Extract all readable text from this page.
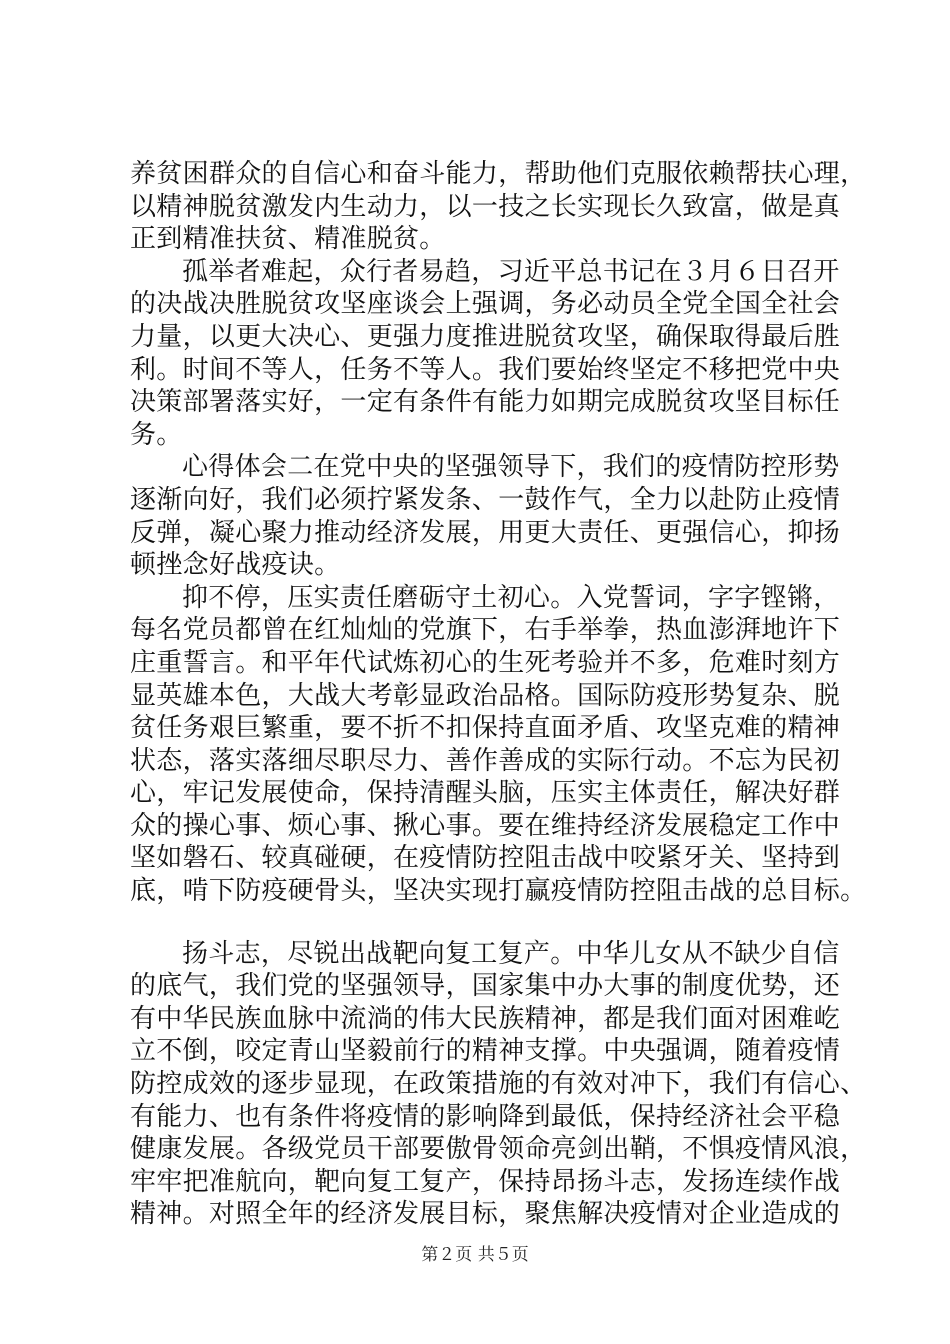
养贫困群众的自信心和奋斗能力，帮助他们克服依赖帮扶心理，
以精神脱贫激发内生动力，以一技之长实现长久致富，做是真
正到精准扶贫、精准脱贫。
孤举者难起，众行者易趋，习近平总书记在３月６日召开
的决战决胜脱贫攻坚座谈会上强调，务必动员全党全国全社会
力量，以更大决心、更强力度推进脱贫攻坚，确保取得最后胜
利。时间不等人，任务不等人。我们要始终坚定不移把党中央
决策部署落实好，一定有条件有能力如期完成脱贫攻坚目标任
务。
心得体会二在党中央的坚强领导下，我们的疫情防控形势
逐渐向好，我们必须拧紧发条、一鼓作气，全力以赴防止疫情
反弹，凝心聚力推动经济发展，用更大责任、更强信心，抑扬
顿挫念好战疫诀。
抑不停，压实责任磨砺守土初心。入党誓词，字字铿锵，
每名党员都曾在红灿灿的党旗下，右手举拳，热血澎湃地许下
庄重誓言。和平年代试炼初心的生死考验并不多，危难时刻方
显英雄本色，大战大考彰显政治品格。国际防疫形势复杂、脱
贫任务艰巨繁重，要不折不扣保持直面矛盾、攻坚克难的精神
状态，落实落细尽职尽力、善作善成的实际行动。不忘为民初
心，牢记发展使命，保持清醒头脑，压实主体责任，解决好群
众的操心事、烦心事、揪心事。要在维持经济发展稳定工作中
坚如磐石、较真碰硬，在疫情防控阻击战中咬紧牙关、坚持到
底，啃下防疫硬骨头，坚决实现打赢疫情防控阻击战的总目标。
扬斗志，尽锐出战靶向复工复产。中华儿女从不缺少自信
的底气，我们党的坚强领导，国家集中办大事的制度优势，还
有中华民族血脉中流淌的伟大民族精神，都是我们面对困难屹
立不倒，咬定青山坚毅前行的精神支撑。中央强调，随着疫情
防控成效的逐步显现，在政策措施的有效对冲下，我们有信心、
有能力、也有条件将疫情的影响降到最低，保持经济社会平稳
健康发展。各级党员干部要傲骨领命亮剑出鞘，不惧疫情风浪，
牢牢把准航向，靶向复工复产，保持昂扬斗志，发扬连续作战
精神。对照全年的经济发展目标，聚焦解决疫情对企业造成的
第２页 共５页
